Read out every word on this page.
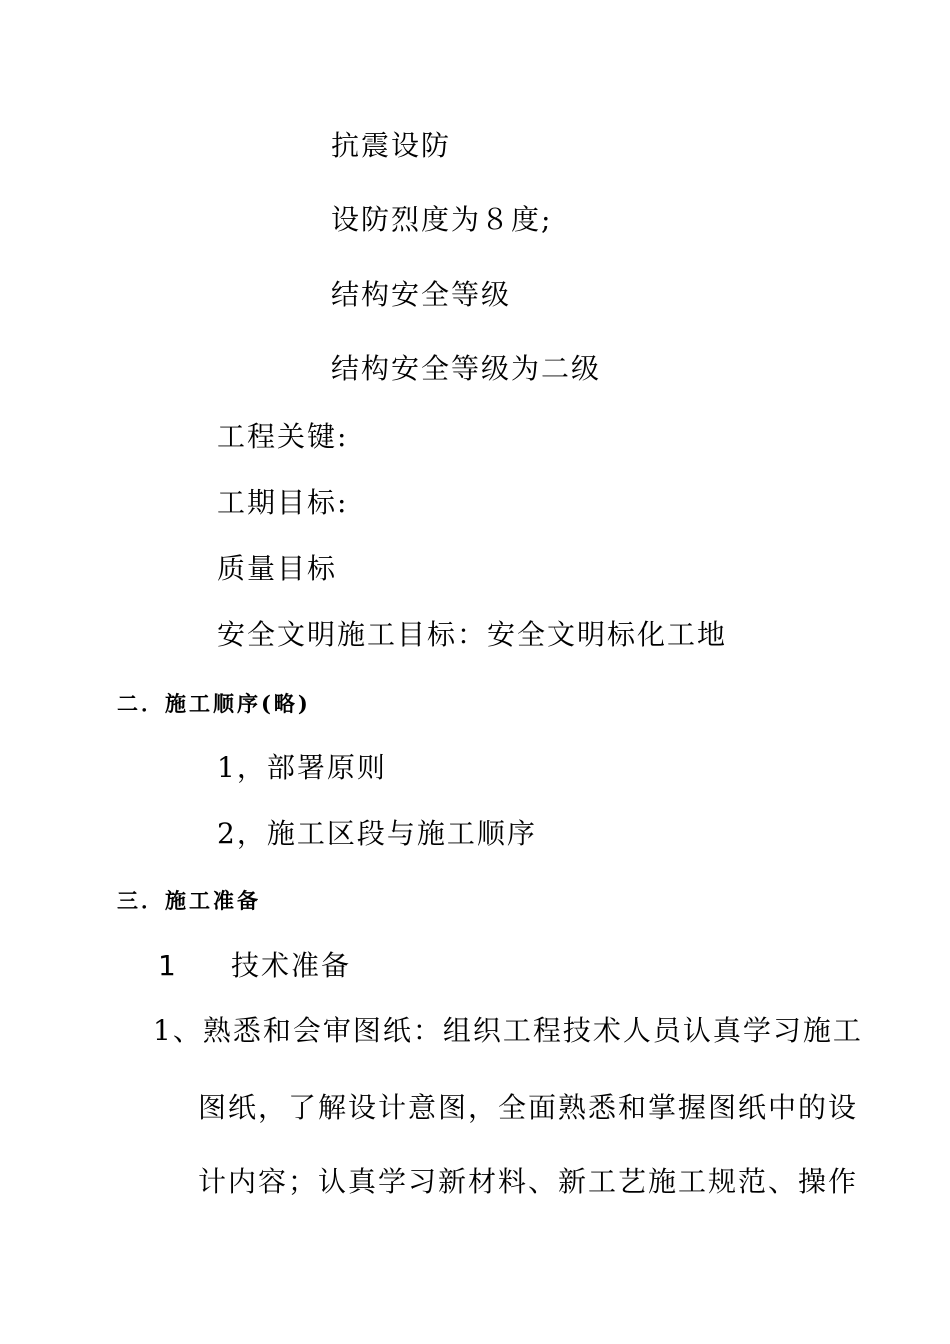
抗震设防
设防烈度为８度;
结构安全等级
结构安全等级为二级
工程关键:
工期目标:
质量目标
安全文明施工目标：安全文明标化工地
二．施工顺序(略)
1，部署原则
2，施工区段与施工顺序
三．施工准备
1 技术准备
1、熟悉和会审图纸：组织工程技术人员认真学习施工
图纸，了解设计意图，全面熟悉和掌握图纸中的设
计内容；认真学习新材料、新工艺施工规范、操作
